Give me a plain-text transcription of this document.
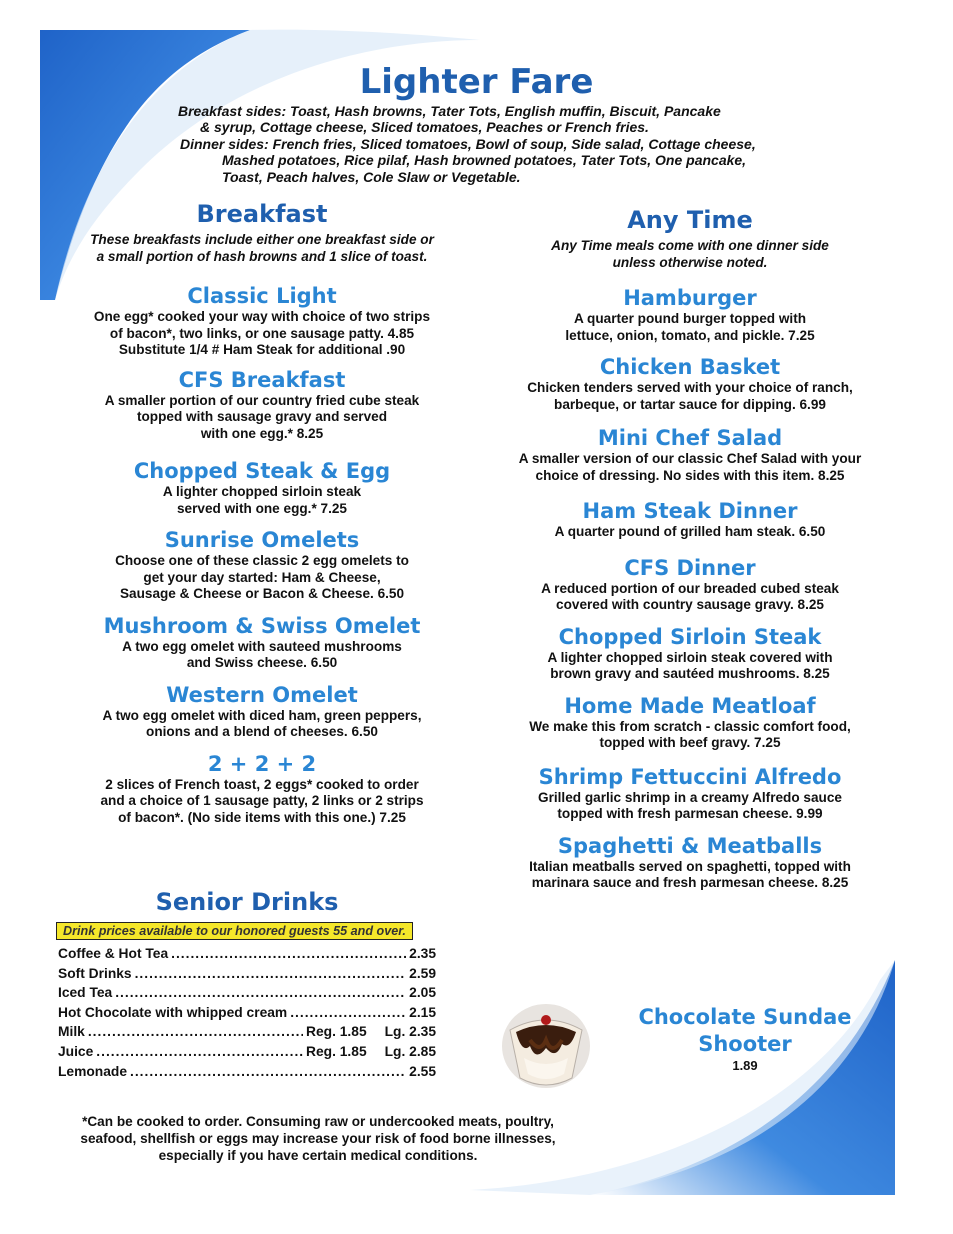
Lighter Fare
Breakfast sides: Toast, Hash browns, Tater Tots, English muffin, Biscuit, Pancake
& syrup, Cottage cheese, Sliced tomatoes, Peaches or French fries.
Dinner sides: French fries, Sliced tomatoes, Bowl of soup, Side salad, Cottage cheese,
Mashed potatoes, Rice pilaf, Hash browned potatoes, Tater Tots, One pancake,
Toast, Peach halves, Cole Slaw or Vegetable.
Breakfast

These breakfasts include either one breakfast side or
a small portion of hash browns and 1 slice of toast.

Classic Light

One egg* cooked your way with choice of two strips
of bacon*, two links, or one sausage patty. 4.85
Substitute 1/4 # Ham Steak for additional .90

CFS Breakfast

A smaller portion of our country fried cube steak
topped with sausage gravy and served
with one egg.* 8.25

Chopped Steak & Egg

A lighter chopped sirloin steak
served with one egg.* 7.25

Sunrise Omelets

Choose one of these classic 2 egg omelets to
get your day started: Ham & Cheese,
Sausage & Cheese or Bacon & Cheese. 6.50

Mushroom & Swiss Omelet

A two egg omelet with sauteed mushrooms
and Swiss cheese. 6.50

Western Omelet

A two egg omelet with diced ham, green peppers,
onions and a blend of cheeses. 6.50

2 + 2 + 2

2 slices of French toast, 2 eggs* cooked to order
and a choice of 1 sausage patty, 2 links or 2 strips
of bacon*. (No side items with this one.) 7.25

Any Time

Any Time meals come with one dinner side
unless otherwise noted.

Hamburger

A quarter pound burger topped with
lettuce, onion, tomato, and pickle. 7.25

Chicken Basket

Chicken tenders served with your choice of ranch,
barbeque, or tartar sauce for dipping. 6.99

Mini Chef Salad

A smaller version of our classic Chef Salad with your
choice of dressing. No sides with this item. 8.25

Ham Steak Dinner

A quarter pound of grilled ham steak. 6.50

CFS Dinner

A reduced portion of our breaded cubed steak
covered with country sausage gravy. 8.25

Chopped Sirloin Steak

A lighter chopped sirloin steak covered with
brown gravy and sautéed mushrooms. 8.25

Home Made Meatloaf

We make this from scratch - classic comfort food,
topped with beef gravy. 7.25

Shrimp Fettuccini Alfredo

Grilled garlic shrimp in a creamy Alfredo sauce
topped with fresh parmesan cheese. 9.99

Spaghetti & Meatballs

Italian meatballs served on spaghetti, topped with
marinara sauce and fresh parmesan cheese. 8.25

Senior Drinks
Drink prices available to our honored guests 55 and over.
Coffee & Hot Tea .....	2.35
Soft Drinks .....	2.59
Iced Tea .....	2.05
Hot Chocolate with whipped cream .....	2.15
Milk .....	Reg. 1.85 Lg. 2.35
Juice .....	Reg. 1.85 Lg. 2.85
Lemonade .....	2.55
Chocolate Sundae
Shooter
1.89
*Can be cooked to order. Consuming raw or undercooked meats, poultry,
seafood, shellfish or eggs may increase your risk of food borne illnesses,
especially if you have certain medical conditions.
